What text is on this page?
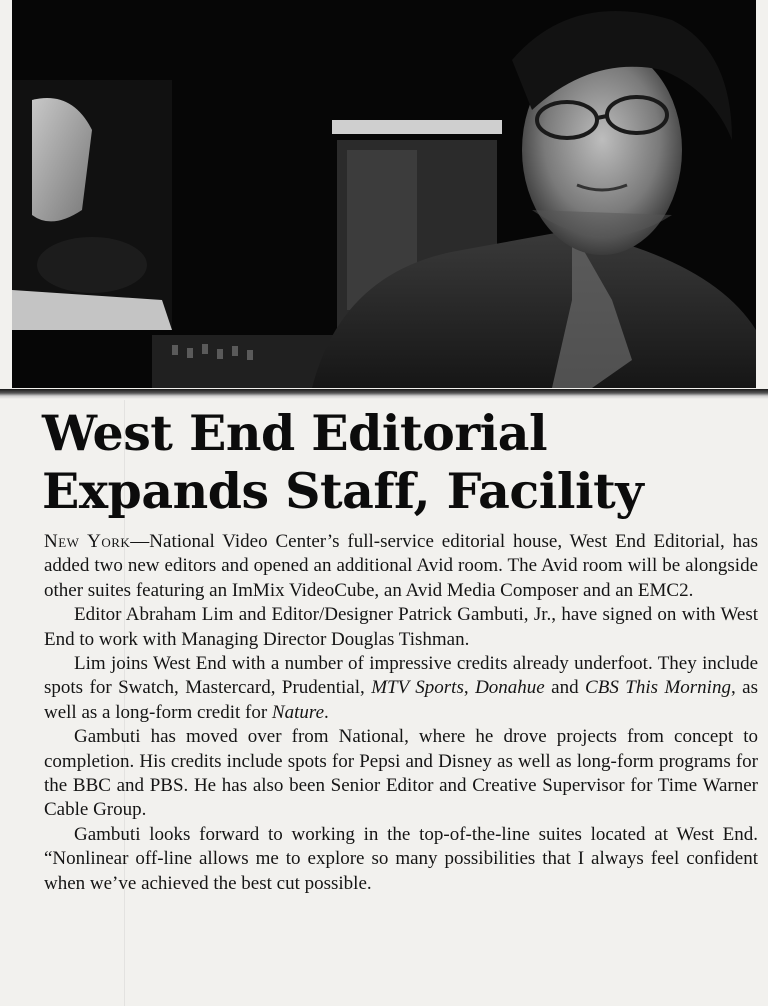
West End Editorial
Expands Staff, Facility

New York—National Video Center’s full-service editorial house, West End Editorial, has added two new editors and opened an additional Avid room. The Avid room will be alongside other suites featuring an ImMix VideoCube, an Avid Media Composer and an EMC2.

Editor Abraham Lim and Editor/Designer Patrick Gambuti, Jr., have signed on with West End to work with Managing Director Douglas Tishman.

Lim joins West End with a number of impressive credits already underfoot. They include spots for Swatch, Mastercard, Prudential, MTV Sports, Donahue and CBS This Morning, as well as a long-form credit for Nature.

Gambuti has moved over from National, where he drove projects from concept to completion. His credits include spots for Pepsi and Disney as well as long-form programs for the BBC and PBS. He has also been Senior Editor and Creative Supervisor for Time Warner Cable Group.

Gambuti looks forward to working in the top-of-the-line suites located at West End. “Nonlinear off-line allows me to explore so many possibilities that I always feel confident when we’ve achieved the best cut possible.
